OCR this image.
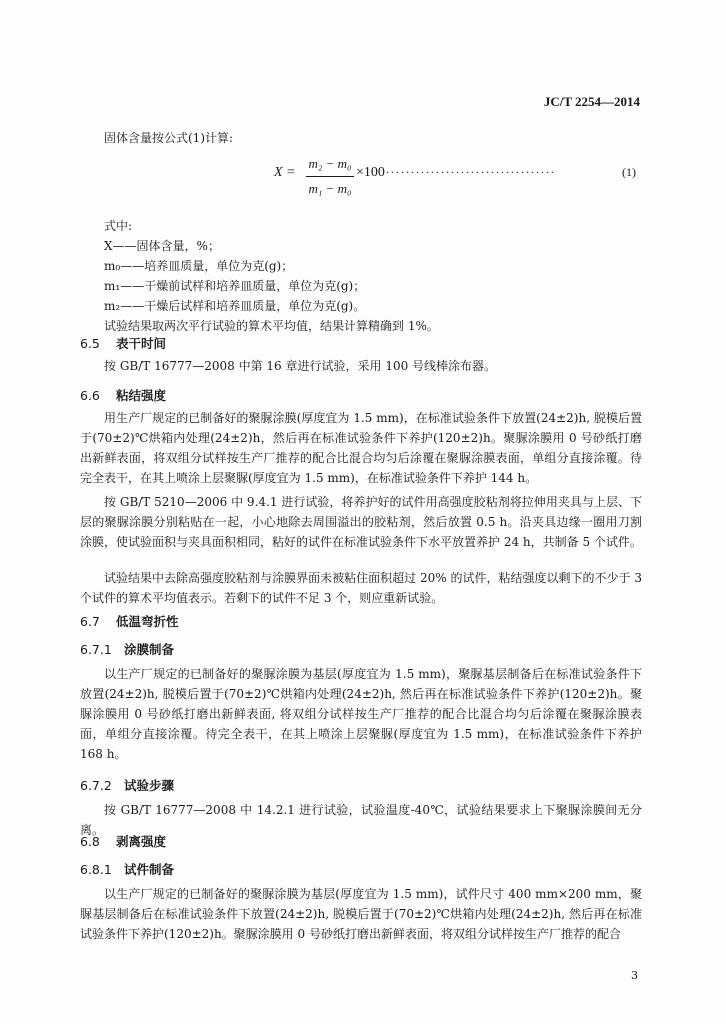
JC/T 2254—2014
固体含量按公式(1)计算:
X =
m₂ − m₀
m₁ − m₀
×100 ..................................	(1)
式中:
X——固体含量，%；
m₀——培养皿质量，单位为克(g)；
m₁——干燥前试样和培养皿质量，单位为克(g)；
m₂——干燥后试样和培养皿质量，单位为克(g)。
试验结果取两次平行试验的算术平均值，结果计算精确到 1%。
6.5 表干时间
按 GB/T 16777—2008 中第 16 章进行试验，采用 100 号线棒涂布器。
6.6 粘结强度
用生产厂规定的已制备好的聚脲涂膜(厚度宜为 1.5 mm)，在标准试验条件下放置(24±2)h, 脱模后置于(70±2)℃烘箱内处理(24±2)h，然后再在标准试验条件下养护(120±2)h。聚脲涂膜用 0 号砂纸打磨出新鲜表面，将双组分试样按生产厂推荐的配合比混合均匀后涂覆在聚脲涂膜表面，单组分直接涂覆。待完全表干，在其上喷涂上层聚脲(厚度宜为 1.5 mm)，在标准试验条件下养护 144 h。
按 GB/T 5210—2006 中 9.4.1 进行试验，将养护好的试件用高强度胶粘剂将拉伸用夹具与上层、下层的聚脲涂膜分别粘贴在一起，小心地除去周围溢出的胶粘剂，然后放置 0.5 h。沿夹具边缘一圈用刀割涂膜，使试验面积与夹具面积相同，粘好的试件在标准试验条件下水平放置养护 24 h，共制备 5 个试件。
试验结果中去除高强度胶粘剂与涂膜界面未被粘住面积超过 20% 的试件，粘结强度以剩下的不少于 3 个试件的算术平均值表示。若剩下的试件不足 3 个，则应重新试验。
6.7 低温弯折性
6.7.1 涂膜制备
以生产厂规定的已制备好的聚脲涂膜为基层(厚度宜为 1.5 mm)，聚脲基层制备后在标准试验条件下放置(24±2)h, 脱模后置于(70±2)℃烘箱内处理(24±2)h, 然后再在标准试验条件下养护(120±2)h。聚脲涂膜用 0 号砂纸打磨出新鲜表面, 将双组分试样按生产厂推荐的配合比混合均匀后涂覆在聚脲涂膜表面，单组分直接涂覆。待完全表干，在其上喷涂上层聚脲(厚度宜为 1.5 mm)，在标准试验条件下养护 168 h。
6.7.2 试验步骤
按 GB/T 16777—2008 中 14.2.1 进行试验，试验温度-40℃，试验结果要求上下聚脲涂膜间无分离。
6.8 剥离强度
6.8.1 试件制备
以生产厂规定的已制备好的聚脲涂膜为基层(厚度宜为 1.5 mm)，试件尺寸 400 mm×200 mm，聚脲基层制备后在标准试验条件下放置(24±2)h, 脱模后置于(70±2)℃烘箱内处理(24±2)h, 然后再在标准试验条件下养护(120±2)h。聚脲涂膜用 0 号砂纸打磨出新鲜表面，将双组分试样按生产厂推荐的配合
3
